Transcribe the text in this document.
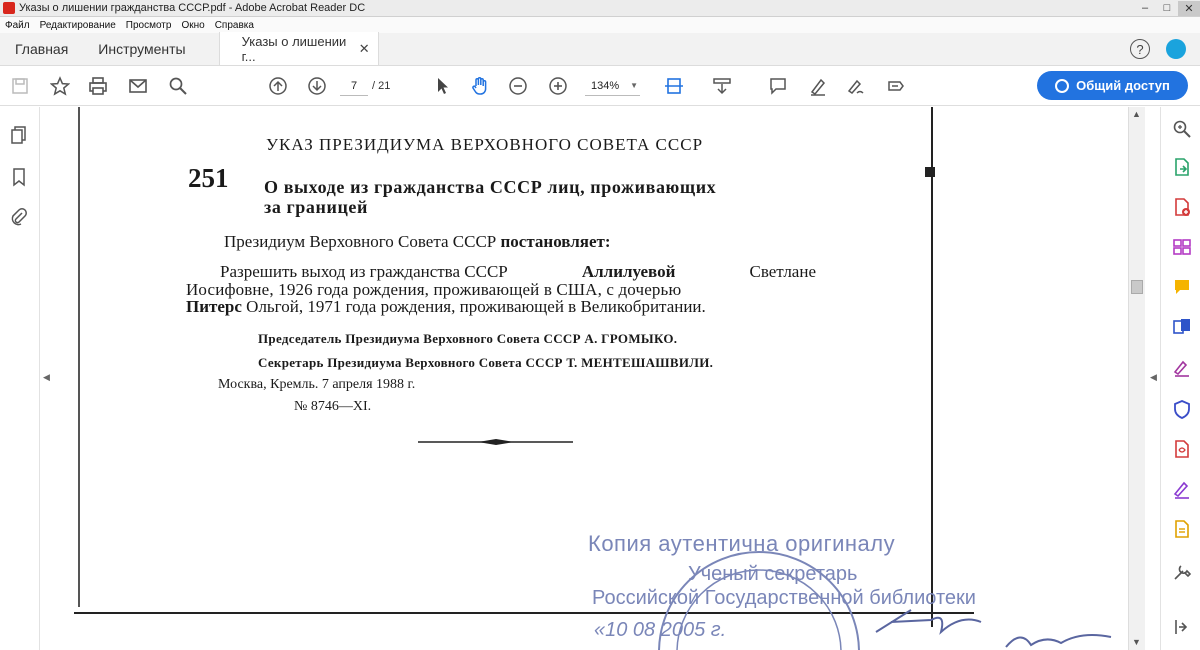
Указы о лишении гражданства СССР.pdf - Adobe Acrobat Reader DC	–	□	✕
Файл	Редактирование	Просмотр	Окно	Справка
Главная	Инструменты	Указы о лишении г...
✕	?
7	/ 21	134% ▼	Общий доступ
◀
УКАЗ ПРЕЗИДИУМА ВЕРХОВНОГО СОВЕТА СССР
251 О выходе из гражданства СССР лиц, проживающих
за границей
Президиум Верховного Совета СССР постановляет:
Разрешить выход из гражданства СССР	Аллилуевой	Светлане
Иосифовне, 1926 года рождения, проживающей в США, с дочерью
Питерс Ольгой, 1971 года рождения, проживающей в Великобритании.
Председатель Президиума Верховного Совета СССР А. ГРОМЫКО.
Секретарь Президиума Верховного Совета СССР Т. МЕНТЕШАШВИЛИ.
Москва, Кремль. 7 апреля 1988 г.
№ 8746—XI.
Копия аутентична оригиналу
Ученый секретарь
Российской Государственной библиотеки
«10 08 2005 г.
▲
▼
◀
